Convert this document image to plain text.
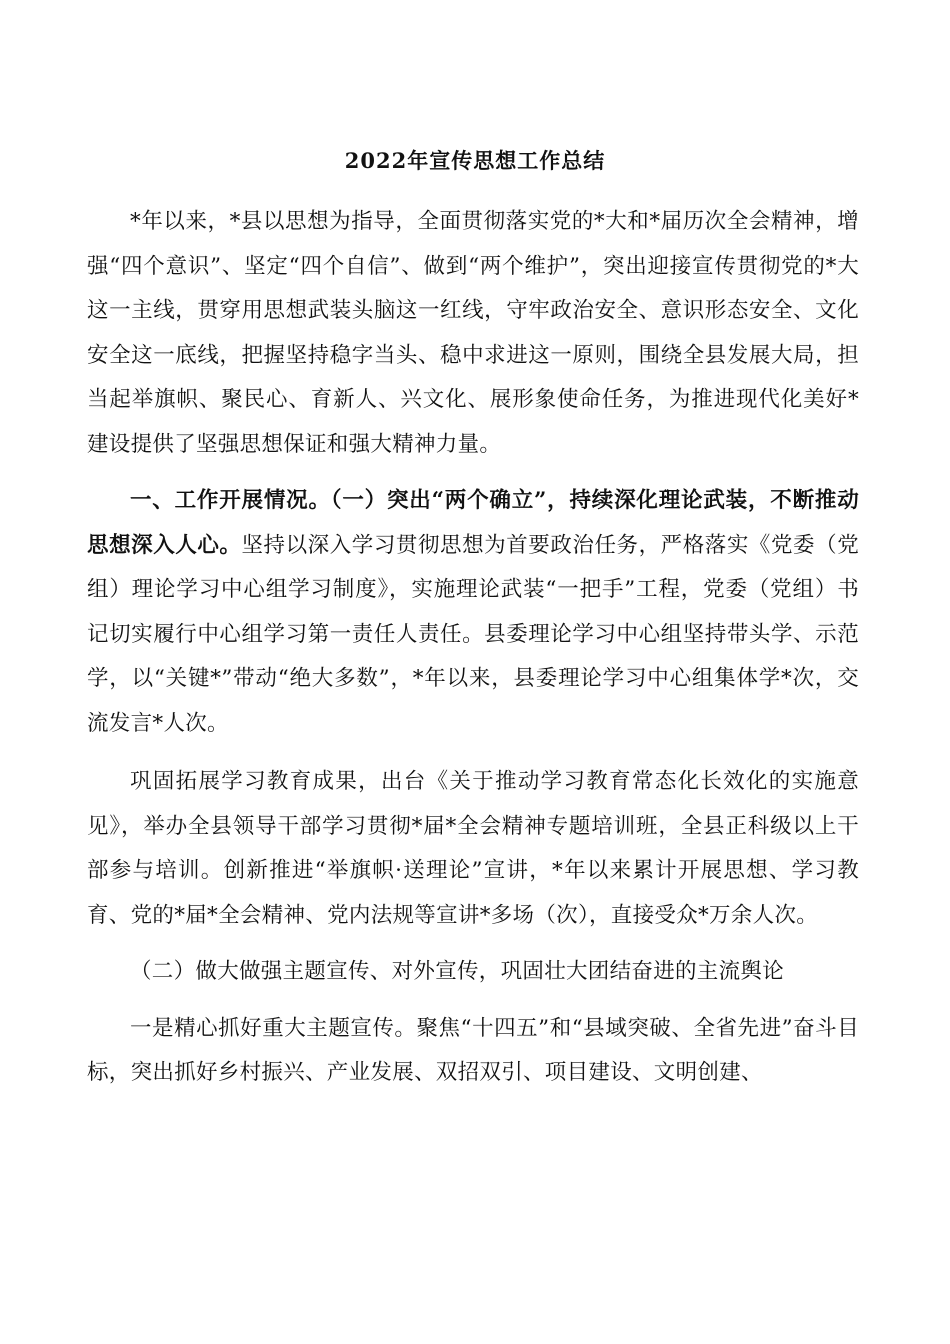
2022年宣传思想工作总结

*年以来，*县以思想为指导，全面贯彻落实党的*大和*届历次全会精神，增强“四个意识”、坚定“四个自信”、做到“两个维护”，突出迎接宣传贯彻党的*大这一主线，贯穿用思想武装头脑这一红线，守牢政治安全、意识形态安全、文化安全这一底线，把握坚持稳字当头、稳中求进这一原则，围绕全县发展大局，担当起举旗帜、聚民心、育新人、兴文化、展形象使命任务，为推进现代化美好*建设提供了坚强思想保证和强大精神力量。

一、工作开展情况。（一）突出“两个确立”，持续深化理论武装，不断推动思想深入人心。坚持以深入学习贯彻思想为首要政治任务，严格落实《党委（党组）理论学习中心组学习制度》，实施理论武装“一把手”工程，党委（党组）书记切实履行中心组学习第一责任人责任。县委理论学习中心组坚持带头学、示范学，以“关键*”带动“绝大多数”，*年以来，县委理论学习中心组集体学*次，交流发言*人次。

巩固拓展学习教育成果，出台《关于推动学习教育常态化长效化的实施意见》，举办全县领导干部学习贯彻*届*全会精神专题培训班，全县正科级以上干部参与培训。创新推进“举旗帜·送理论”宣讲，*年以来累计开展思想、学习教育、党的*届*全会精神、党内法规等宣讲*多场（次），直接受众*万余人次。

（二）做大做强主题宣传、对外宣传，巩固壮大团结奋进的主流舆论

一是精心抓好重大主题宣传。聚焦“十四五”和“县域突破、全省先进”奋斗目标，突出抓好乡村振兴、产业发展、双招双引、项目建设、文明创建、
